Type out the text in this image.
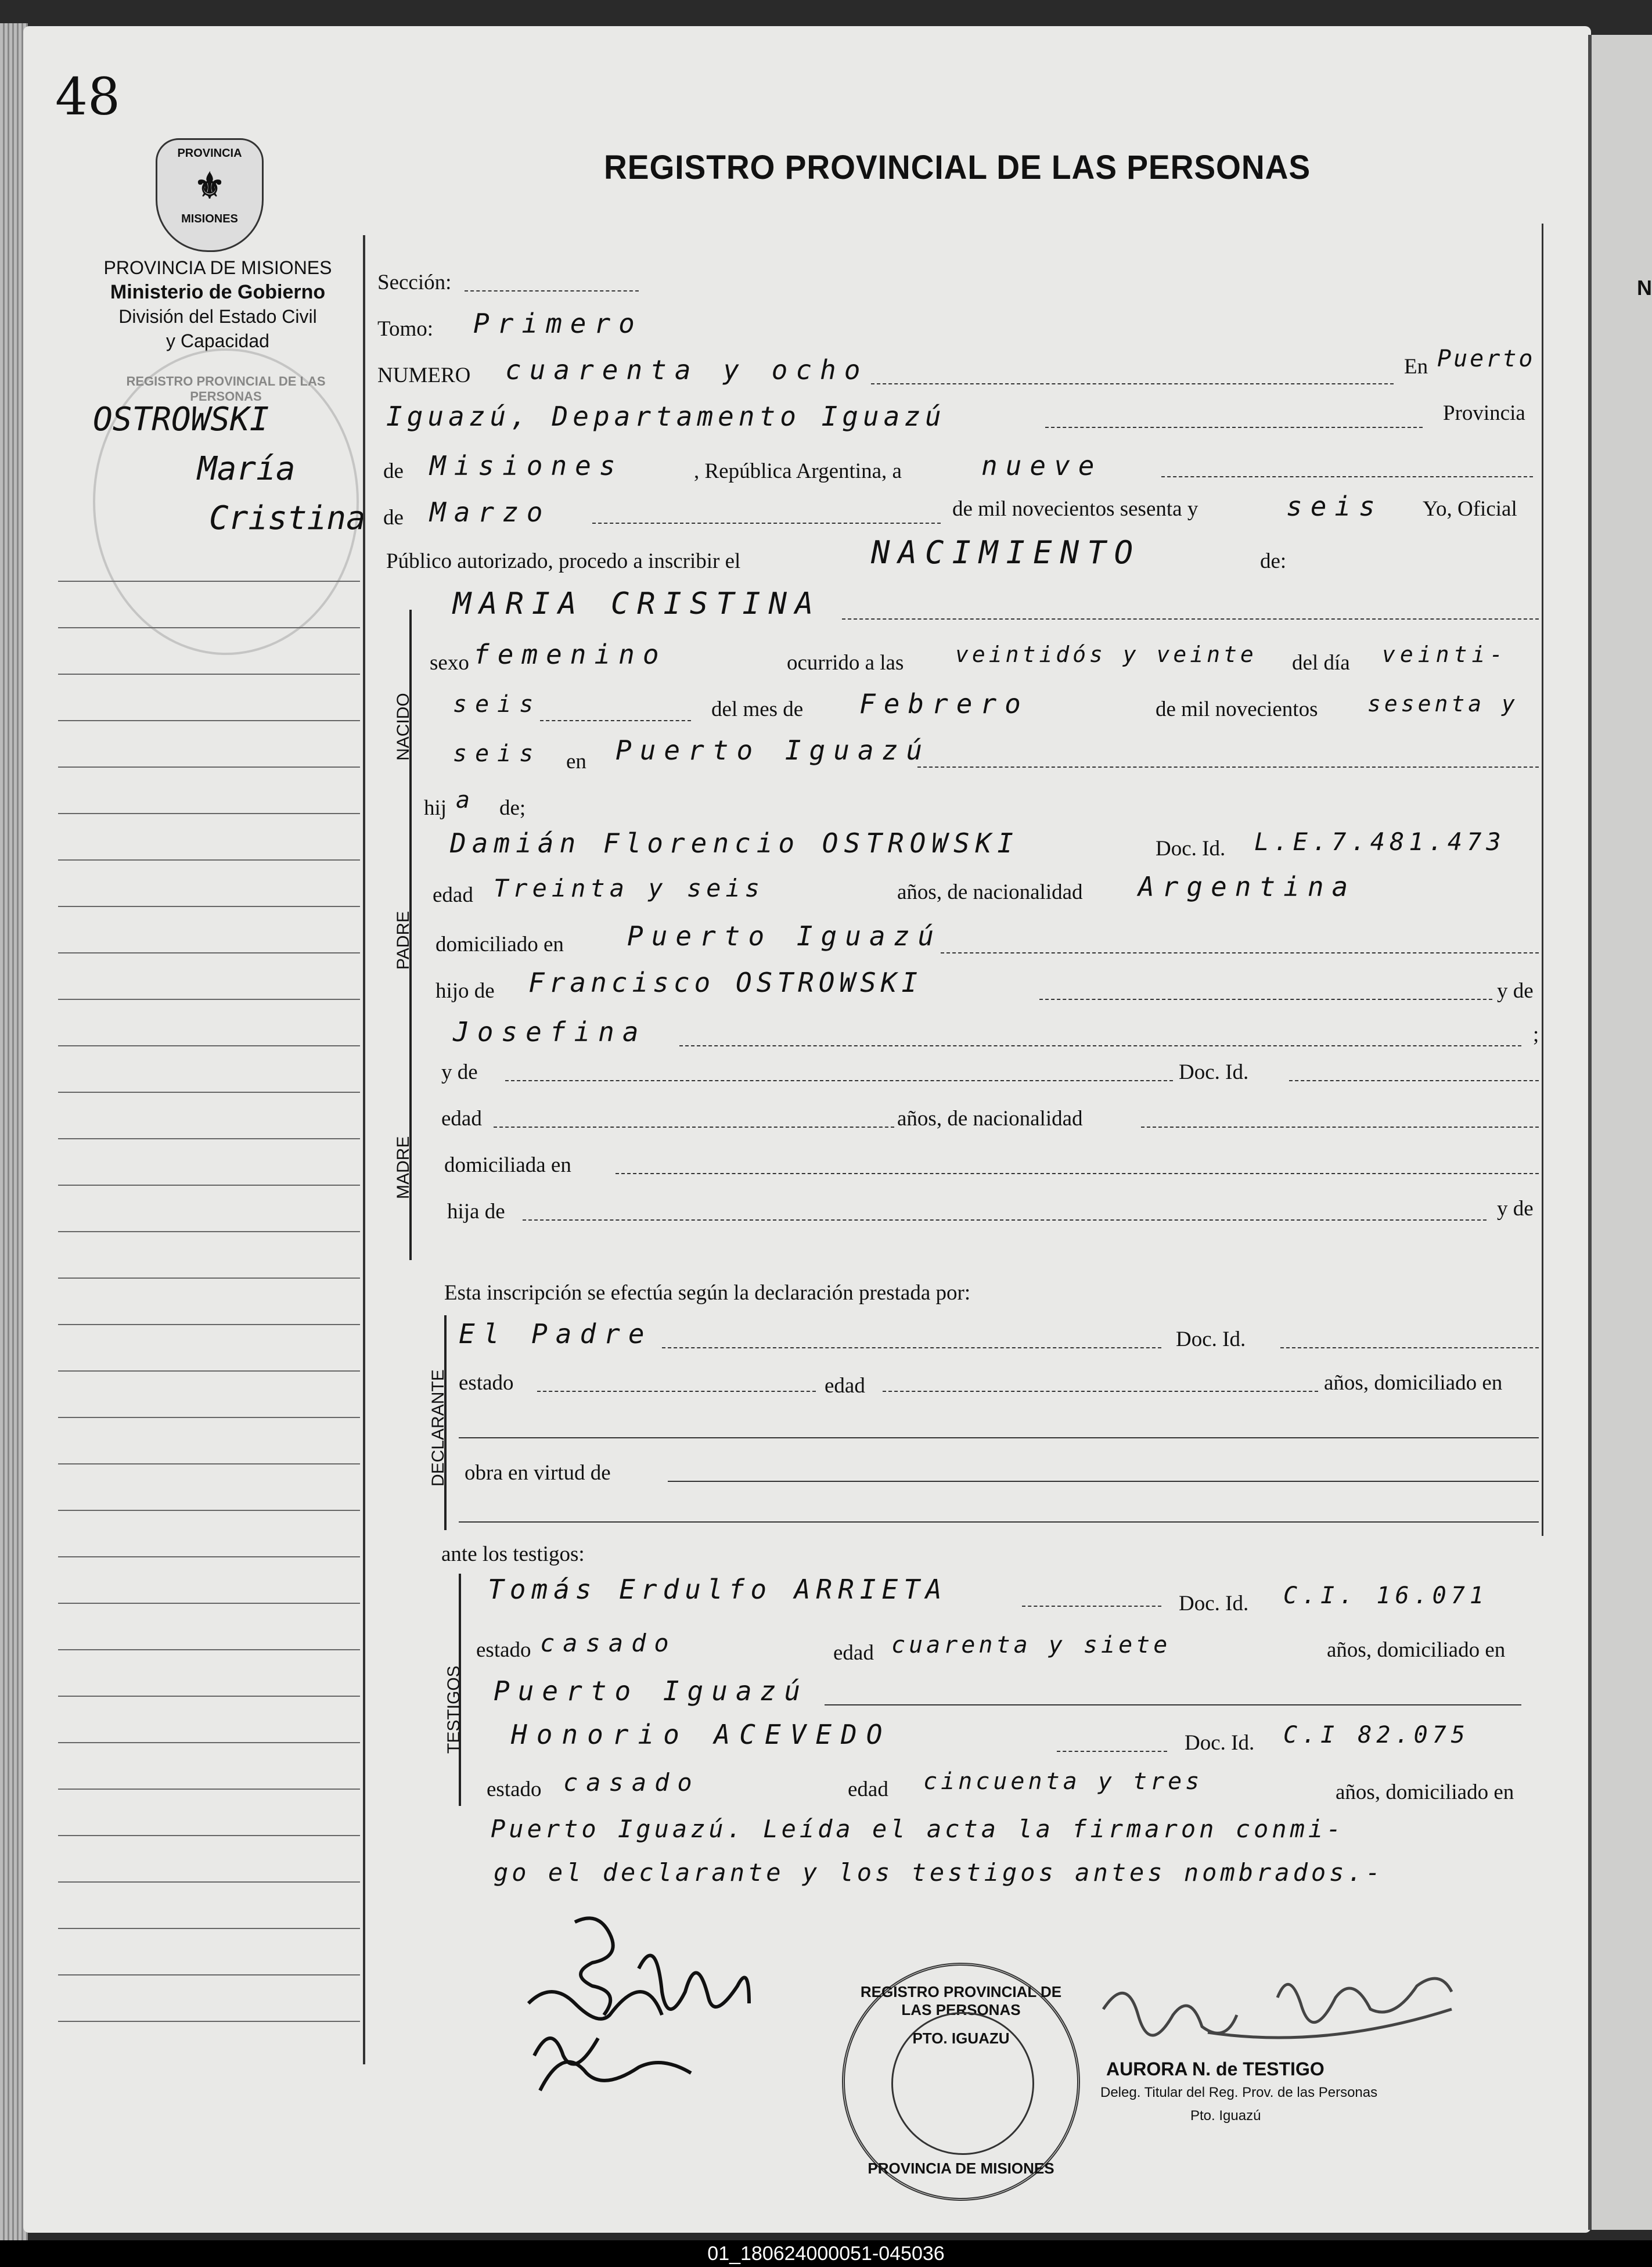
N
48
REGISTRO PROVINCIAL DE LAS PERSONAS
PROVINCIA
⚜
MISIONES
PROVINCIA DE MISIONES
Ministerio de Gobierno
División del Estado Civil
y Capacidad
REGISTRO PROVINCIAL DE LAS PERSONAS
OSTROWSKI
María
Cristina
Sección:
Tomo: Primero
NUMERO cuarenta y ocho	En Puerto
Iguazú, Departamento Iguazú	Provincia
de Misiones	, República Argentina, a	nueve
de Marzo	de mil novecientos sesenta y	seis Yo, Oficial
Público autorizado, procedo a inscribir el	NACIMIENTO	de:
NACIDO
MARIA CRISTINA
sexo femenino	ocurrido a las veintidós y veinte del día veinti-
seis	del mes de Febrero	de mil novecientos sesenta y
seis en Puerto Iguazú
hij a de;
PADRE
Damián Florencio OSTROWSKI	Doc. Id. L.E.7.481.473
edad Treinta y seis	años, de nacionalidad Argentina
domiciliado en Puerto Iguazú
hijo de Francisco OSTROWSKI	y de
Josefina	;
MADRE
y de	Doc. Id.
edad	años, de nacionalidad
domiciliada en
hija de	y de
Esta inscripción se efectúa según la declaración prestada por:
DECLARANTE
El Padre	Doc. Id.
estado	edad	años, domiciliado en
obra en virtud de
ante los testigos:
TESTIGOS
Tomás Erdulfo ARRIETA	Doc. Id. C.I. 16.071
estado casado	edad cuarenta y siete	años, domiciliado en
Puerto Iguazú
Honorio ACEVEDO	Doc. Id. C.I 82.075
estado casado	edad cincuenta y tres	años, domiciliado en
Puerto Iguazú. Leída el acta la firmaron conmi-
go el declarante y los testigos antes nombrados.-
REGISTRO PROVINCIAL DE LAS PERSONAS
PTO. IGUAZU
PROVINCIA DE MISIONES
AURORA N. de TESTIGO
Deleg. Titular del Reg. Prov. de las Personas
Pto. Iguazú
01_180624000051-045036
